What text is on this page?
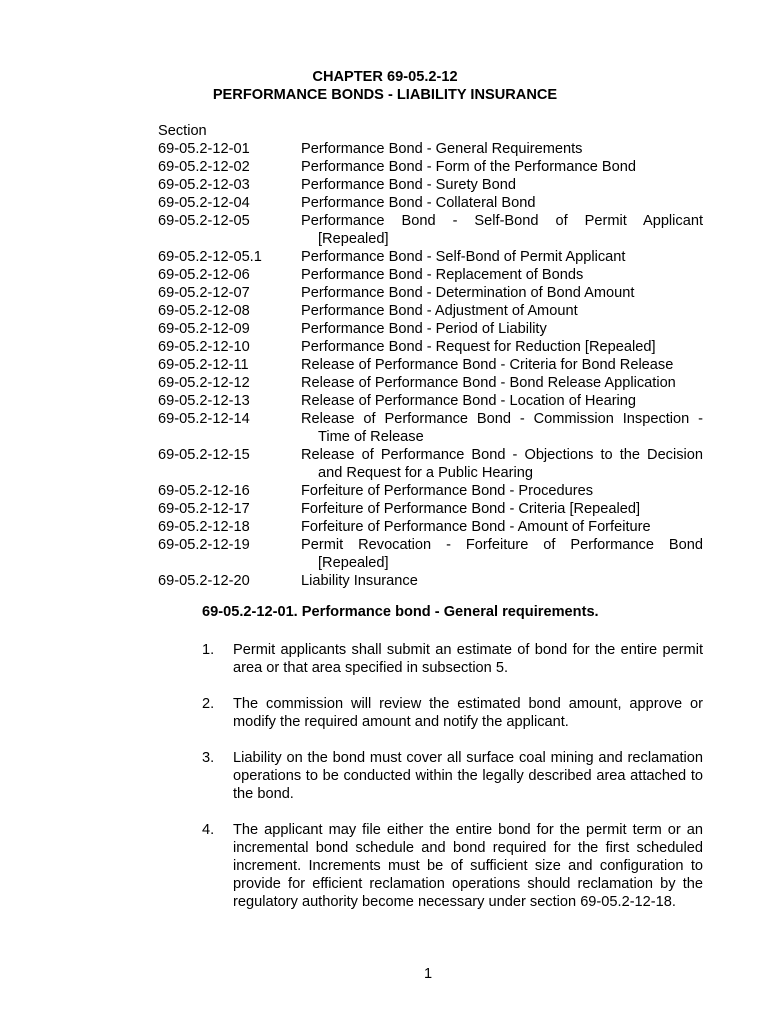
CHAPTER 69-05.2-12
PERFORMANCE BONDS - LIABILITY INSURANCE
Section
69-05.2-12-01	Performance Bond - General Requirements
69-05.2-12-02	Performance Bond - Form of the Performance Bond
69-05.2-12-03	Performance Bond - Surety Bond
69-05.2-12-04	Performance Bond - Collateral Bond
69-05.2-12-05	Performance Bond - Self-Bond of Permit Applicant
[Repealed]
69-05.2-12-05.1	Performance Bond - Self-Bond of Permit Applicant
69-05.2-12-06	Performance Bond - Replacement of Bonds
69-05.2-12-07	Performance Bond - Determination of Bond Amount
69-05.2-12-08	Performance Bond - Adjustment of Amount
69-05.2-12-09	Performance Bond - Period of Liability
69-05.2-12-10	Performance Bond - Request for Reduction [Repealed]
69-05.2-12-11	Release of Performance Bond - Criteria for Bond Release
69-05.2-12-12	Release of Performance Bond - Bond Release Application
69-05.2-12-13	Release of Performance Bond - Location of Hearing
69-05.2-12-14	Release of Performance Bond - Commission Inspection -
Time of Release
69-05.2-12-15	Release of Performance Bond - Objections to the Decision
and Request for a Public Hearing
69-05.2-12-16	Forfeiture of Performance Bond - Procedures
69-05.2-12-17	Forfeiture of Performance Bond - Criteria [Repealed]
69-05.2-12-18	Forfeiture of Performance Bond - Amount of Forfeiture
69-05.2-12-19	Permit Revocation - Forfeiture of Performance Bond
[Repealed]
69-05.2-12-20	Liability Insurance
69-05.2-12-01. Performance bond - General requirements.
1.	Permit applicants shall submit an estimate of bond for the entire permit area or that area specified in subsection 5.
2.	The commission will review the estimated bond amount, approve or modify the required amount and notify the applicant.
3.	Liability on the bond must cover all surface coal mining and reclamation operations to be conducted within the legally described area attached to the bond.
4.	The applicant may file either the entire bond for the permit term or an incremental bond schedule and bond required for the first scheduled increment. Increments must be of sufficient size and configuration to provide for efficient reclamation operations should reclamation by the regulatory authority become necessary under section 69-05.2-12-18.
1
